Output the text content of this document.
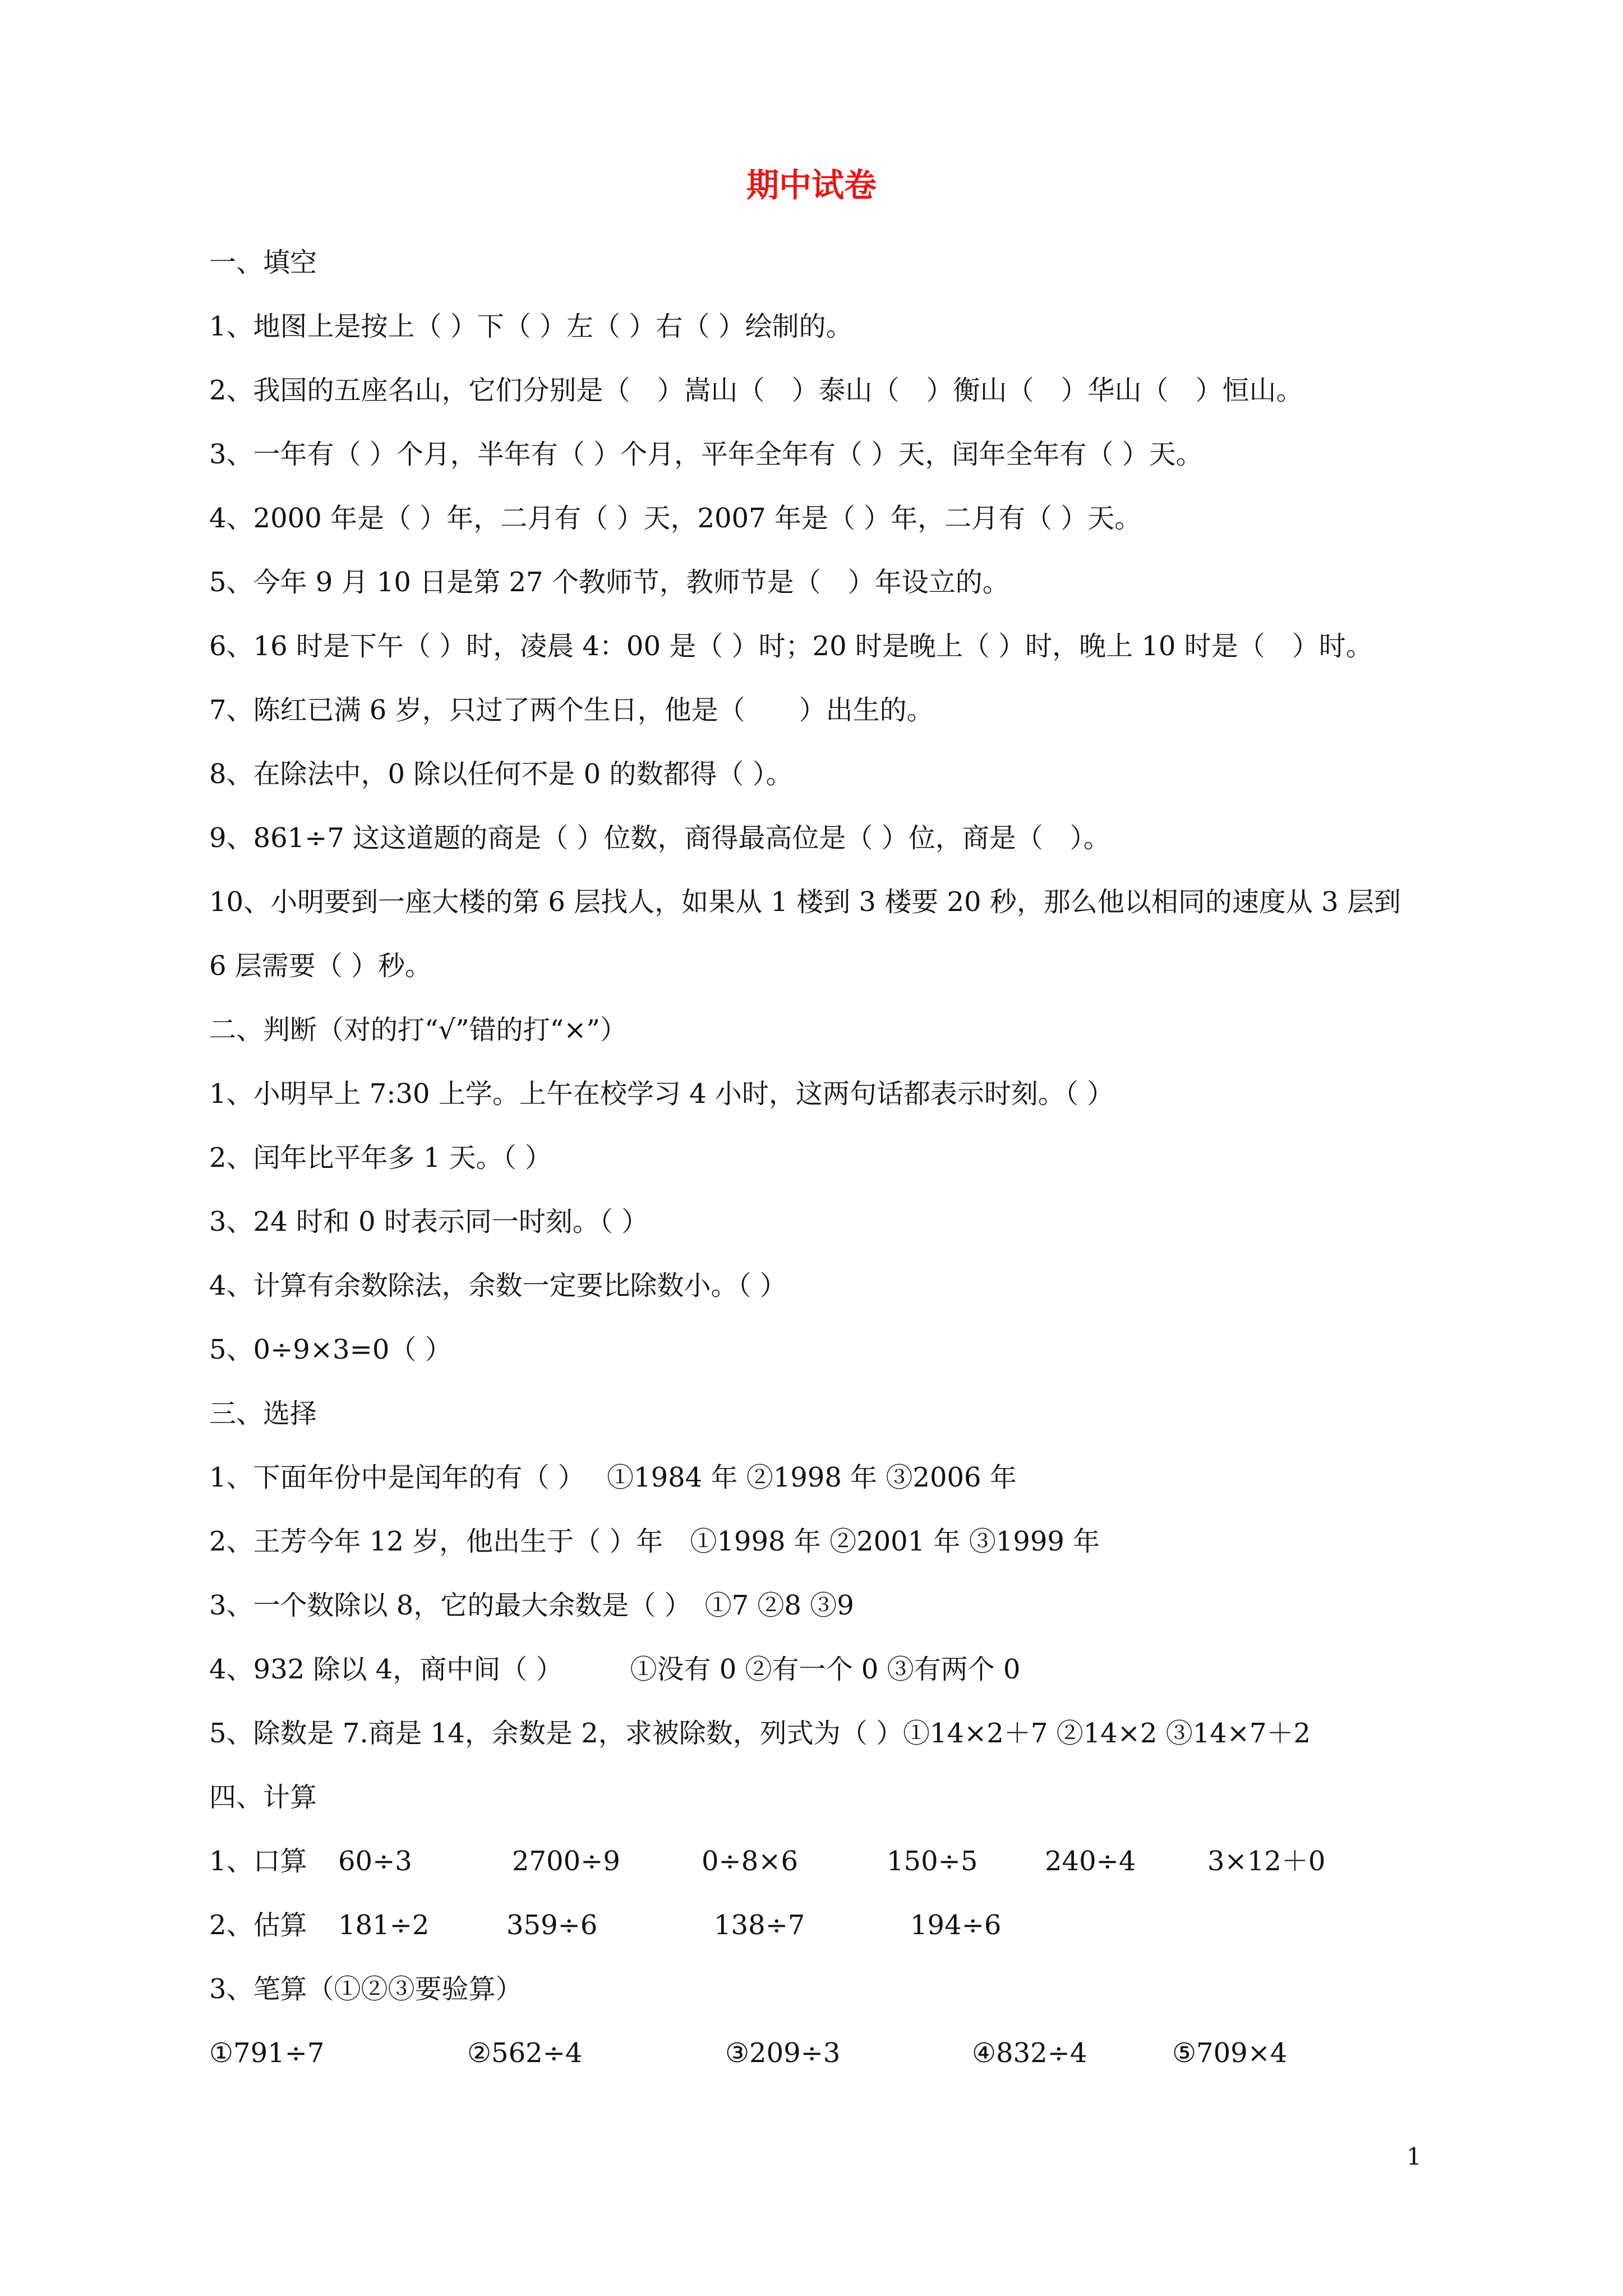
期中试卷

一、填空

1、地图上是按上（ ）下（ ）左（ ）右（ ）绘制的。

2、我国的五座名山，它们分别是（　）嵩山（　）泰山（　）衡山（　）华山（　）恒山。

3、一年有（ ）个月，半年有（ ）个月，平年全年有（ ）天，闰年全年有（ ）天。

4、2000 年是（ ）年，二月有（ ）天，2007 年是（ ）年，二月有（ ）天。

5、今年 9 月 10 日是第 27 个教师节，教师节是（　）年设立的。

6、16 时是下午（ ）时，凌晨 4：00 是（ ）时；20 时是晚上（ ）时，晚上 10 时是（　）时。

7、陈红已满 6 岁，只过了两个生日，他是（　　）出生的。

8、在除法中，0 除以任何不是 0 的数都得（ ）。

9、861÷7 这这道题的商是（ ）位数，商得最高位是（ ）位，商是（　）。

10、小明要到一座大楼的第 6 层找人，如果从 1 楼到 3 楼要 20 秒，那么他以相同的速度从 3 层到

6 层需要（ ）秒。

二、判断（对的打“√”错的打“×”）

1、小明早上 7:30 上学。上午在校学习 4 小时，这两句话都表示时刻。（ ）

2、闰年比平年多 1 天。（ ）

3、24 时和 0 时表示同一时刻。（ ）

4、计算有余数除法，余数一定要比除数小。（ ）

5、0÷9×3=0（ ）

三、选择

1、下面年份中是闰年的有（ ）　 ①1984 年 ②1998 年 ③2006 年

2、王芳今年 12 岁，他出生于（ ）年　①1998 年 ②2001 年 ③1999 年

3、一个数除以 8，它的最大余数是（ ）　①7 ②8 ③9

4、932 除以 4，商中间（ ）　　　①没有 0 ②有一个 0 ③有两个 0

5、除数是 7.商是 14，余数是 2，求被除数，列式为（ ）①14×2＋7 ②14×2 ③14×7＋2

四、计算

1、口算 60÷3	2700÷9	0÷8×6	150÷5 240÷4	3×12＋0
2、估算 181÷2	359÷6	138÷7	194÷6

3、笔算（①②③要验算）

①791÷7	②562÷4	③209÷3	④832÷4	⑤709×4

1
